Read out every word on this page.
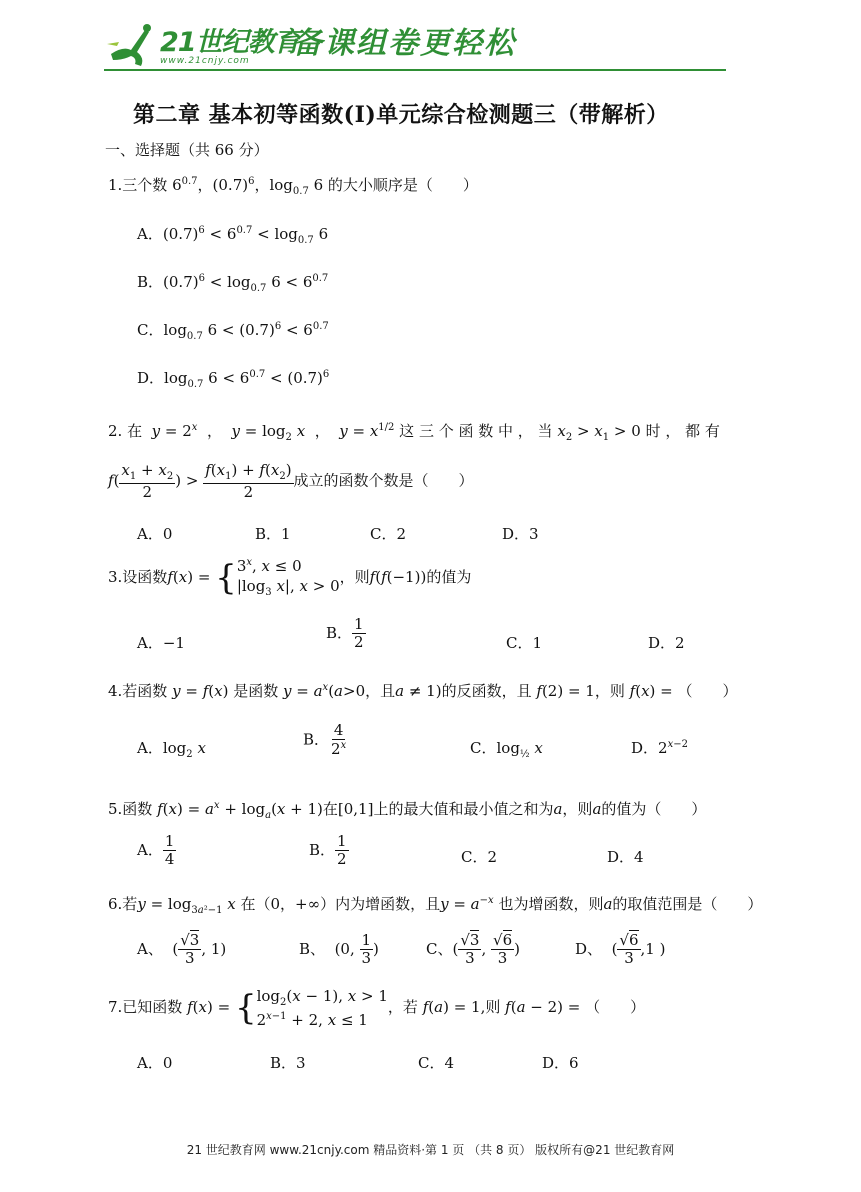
21世纪教育
www.21cnjy.com 备课组卷更轻松
第二章 基本初等函数(Ⅰ)单元综合检测题三（带解析）
一、选择题（共 66 分）
1.三个数 $6^{0.7}$，$(0.7)^6$，$\log_{0.7} 6$ 的大小顺序是（　　）
A．$(0.7)^6 < 6^{0.7} < \log_{0.7} 6$
B．$(0.7)^6 < \log_{0.7} 6 < 6^{0.7}$
C．$\log_{0.7} 6 < (0.7)^6 < 6^{0.7}$
D．$\log_{0.7} 6 < 6^{0.7} < (0.7)^6$
2. 在 $y = 2^x$  ，  $y = \log_2 x$  ，  $y = x^{1/2}$ 这 三 个 函 数 中 ， 当 $x_2 > x_1 > 0$ 时 ， 都 有
$f( \frac{x_1 + x_2}{2}$ ) > $\frac{f(x_1) + f(x_2)}{2}$ 成立的函数个数是（　　）
A．0	B．1	C．2	D．3
3.设函数f(x) = { 3$^x$, x ≤ 0
$|\log_3$ x|, x > 0
，则f(f(−1))的值为
A．−1
B． $\frac{1}{2}$	C．1	D．2
4.若函数 y = f(x) 是函数 $y = a^x(a>0$，且a ≠ 1)的反函数，且 f(2) = 1，则 f(x) = （　　）
A．$\log_2 x$	B． $\frac{4}{2^x}$	C．$\log_{\frac{1}{2}} x$	D．$2^{x-2}$
5.函数 $f(x) = a^x + \log_a(x + 1)$在[0,1]上的最大值和最小值之和为a，则a的值为（　　）
A． $\frac{1}{4}$	B． $\frac{1}{2}$	C．2	D．4
6.若$y = \log_{3a^2-1} x$ 在（0，+∞）内为增函数，且$y = a^{-x}$ 也为增函数，则a的取值范围是（　　）
A、  ( $\frac{√3}{3}$ , 1)	B、  (0, $\frac{1}{3}$ )	C、( $\frac{√3}{3}$ , $\frac{√6}{3}$ )	D、  ( $\frac{√6}{3} ,1$ )
7.已知函数 f(x) = { $\log_2(x - 1)$, x > 1
$2^{x-1} + 2$, x ≤ 1
，若 f(a) = 1,则 f(a − 2) = （　　）
A．0	B．3	C．4	D．6
21 世纪教育网 www.21cnjy.com 精品资料·第 1 页 （共 8 页） 版权所有@21 世纪教育网
